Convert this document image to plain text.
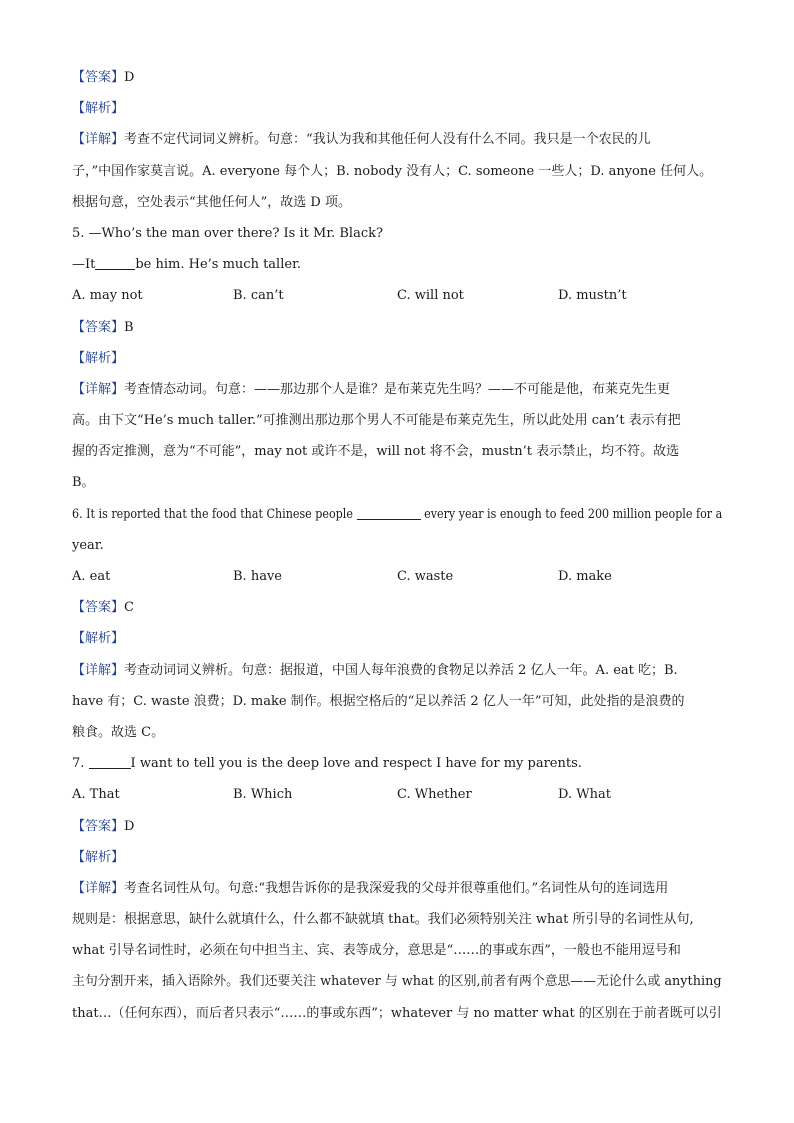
【答案】D
【解析】
【详解】考查不定代词词义辨析。句意：“我认为我和其他任何人没有什么不同。我只是一个农民的儿
子，”中国作家莫言说。A. everyone 每个人；B. nobody 没有人；C. someone 一些人；D. anyone 任何人。
根据句意，空处表示“其他任何人”，故选 D 项。
5. —Who’s the man over there? Is it Mr. Black?
—It	be him. He’s much taller.
A. may not	B. can’t	C. will not	D. mustn’t
【答案】B
【解析】
【详解】考查情态动词。句意：——那边那个人是谁？是布莱克先生吗？——不可能是他，布莱克先生更
高。由下文“He’s much taller.”可推测出那边那个男人不可能是布莱克先生，所以此处用 can’t 表示有把
握的否定推测，意为“不可能”，may not 或许不是，will not 将不会，mustn’t 表示禁止，均不符。故选
B。
6. It is reported that the food that Chinese people	every year is enough to feed 200 million people for a
year.
A. eat	B. have	C. waste	D. make
【答案】C
【解析】
【详解】考查动词词义辨析。句意：据报道，中国人每年浪费的食物足以养活 2 亿人一年。A. eat 吃；B.
have 有；C. waste 浪费；D. make 制作。根据空格后的“足以养活 2 亿人一年”可知，此处指的是浪费的
粮食。故选 C。
7.	I want to tell you is the deep love and respect I have for my parents.
A. That	B. Which	C. Whether	D. What
【答案】D
【解析】
【详解】考查名词性从句。句意:“我想告诉你的是我深爱我的父母并很尊重他们。”名词性从句的连词选用
规则是：根据意思，缺什么就填什么，什么都不缺就填 that。我们必须特别关注 what 所引导的名词性从句,
what 引导名词性时，必须在句中担当主、宾、表等成分，意思是“……的事或东西”，一般也不能用逗号和
主句分割开来，插入语除外。我们还要关注 whatever 与 what 的区别,前者有两个意思——无论什么或 anything
that…（任何东西），而后者只表示“……的事或东西”；whatever 与 no matter what 的区别在于前者既可以引
